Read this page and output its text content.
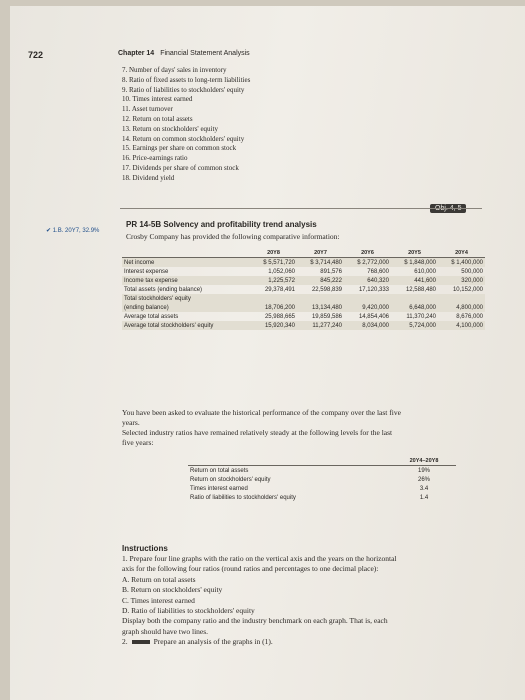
722	Chapter 14 Financial Statement Analysis
7. Number of days' sales in inventory
8. Ratio of fixed assets to long-term liabilities
9. Ratio of liabilities to stockholders' equity
10. Times interest earned
11. Asset turnover
12. Return on total assets
13. Return on stockholders' equity
14. Return on common stockholders' equity
15. Earnings per share on common stock
16. Price-earnings ratio
17. Dividends per share of common stock
18. Dividend yield
✔ 1.B. 20Y7, 32.9%
PR 14-5B Solvency and profitability trend analysis
Crosby Company has provided the following comparative information:
	20Y8	20Y7	20Y6	20Y5	20Y4
Net income	$ 5,571,720	$ 3,714,480	$ 2,772,000	$ 1,848,000	$ 1,400,000
Interest expense	1,052,060	891,576	768,600	610,000	500,000
Income tax expense	1,225,572	845,222	640,320	441,600	320,000
Total assets (ending balance)	29,378,491	22,598,839	17,120,333	12,588,480	10,152,000
Total stockholders' equity					
(ending balance)	18,706,200	13,134,480	9,420,000	6,648,000	4,800,000
Average total assets	25,988,665	19,859,586	14,854,406	11,370,240	8,676,000
Average total stockholders' equity	15,920,340	11,277,240	8,034,000	5,724,000	4,100,000
You have been asked to evaluate the historical performance of the company over the last five
years.
Selected industry ratios have remained relatively steady at the following levels for the last
five years:
	20Y4–20Y8
Return on total assets	19%
Return on stockholders' equity	26%
Times interest earned	3.4
Ratio of liabilities to stockholders' equity	1.4
Instructions
1. Prepare four line graphs with the ratio on the vertical axis and the years on the horizontal
axis for the following four ratios (round ratios and percentages to one decimal place):
A. Return on total assets
B. Return on stockholders' equity
C. Times interest earned
D. Ratio of liabilities to stockholders' equity
Display both the company ratio and the industry benchmark on each graph. That is, each
graph should have two lines.
2.	Prepare an analysis of the graphs in (1).
